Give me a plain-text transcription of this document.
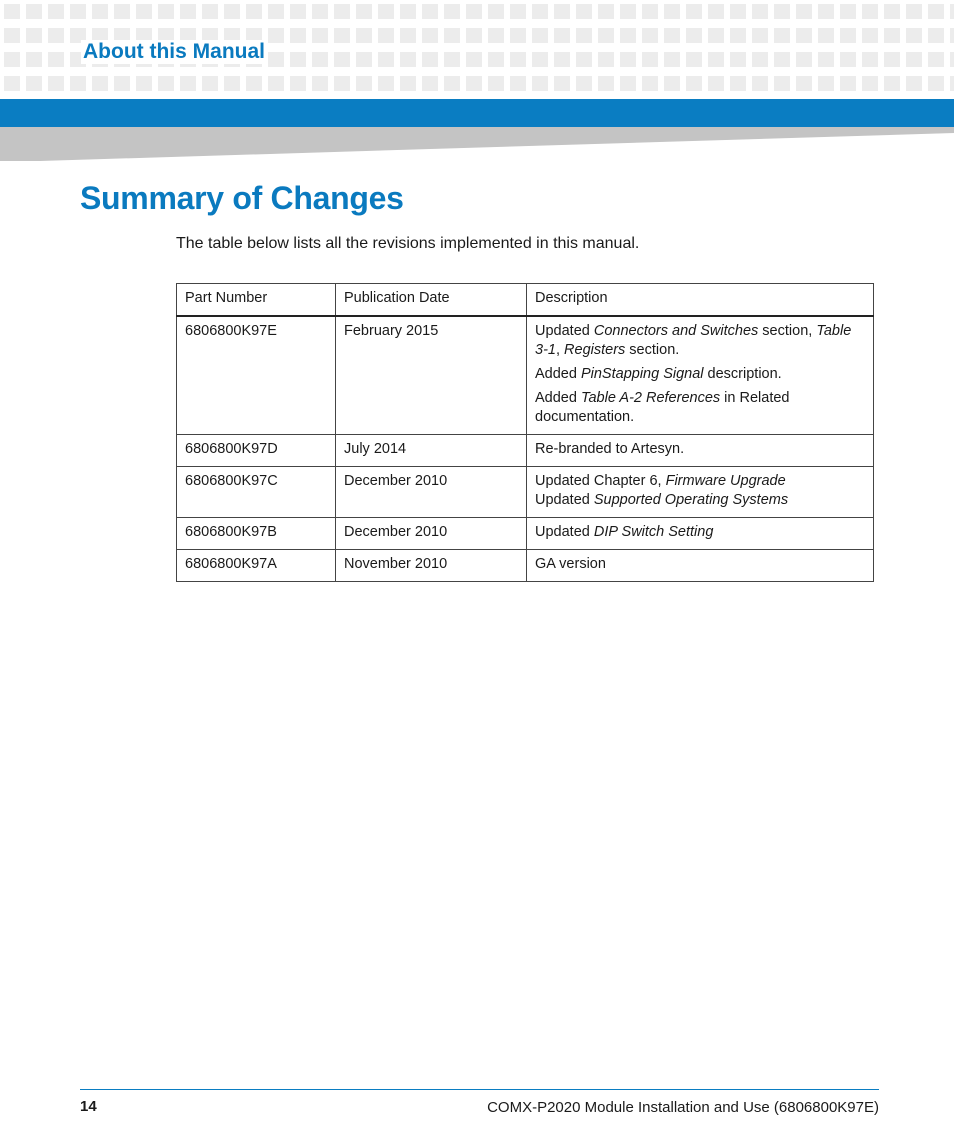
About this Manual
Summary of Changes

The table below lists all the revisions implemented in this manual.

Part Number	Publication Date	Description
6806800K97E	February 2015	Updated Connectors and Switches section, Table 3-1, Registers section.
Added PinStapping Signal description.
Added Table A-2 References in Related documentation.

6806800K97D	July 2014	Re-branded to Artesyn.

6806800K97C	December 2010	Updated Chapter 6, Firmware Upgrade
Updated Supported Operating Systems

6806800K97B	December 2010	Updated DIP Switch Setting

6806800K97A	November 2010	GA version
14	COMX-P2020 Module Installation and Use (6806800K97E)
